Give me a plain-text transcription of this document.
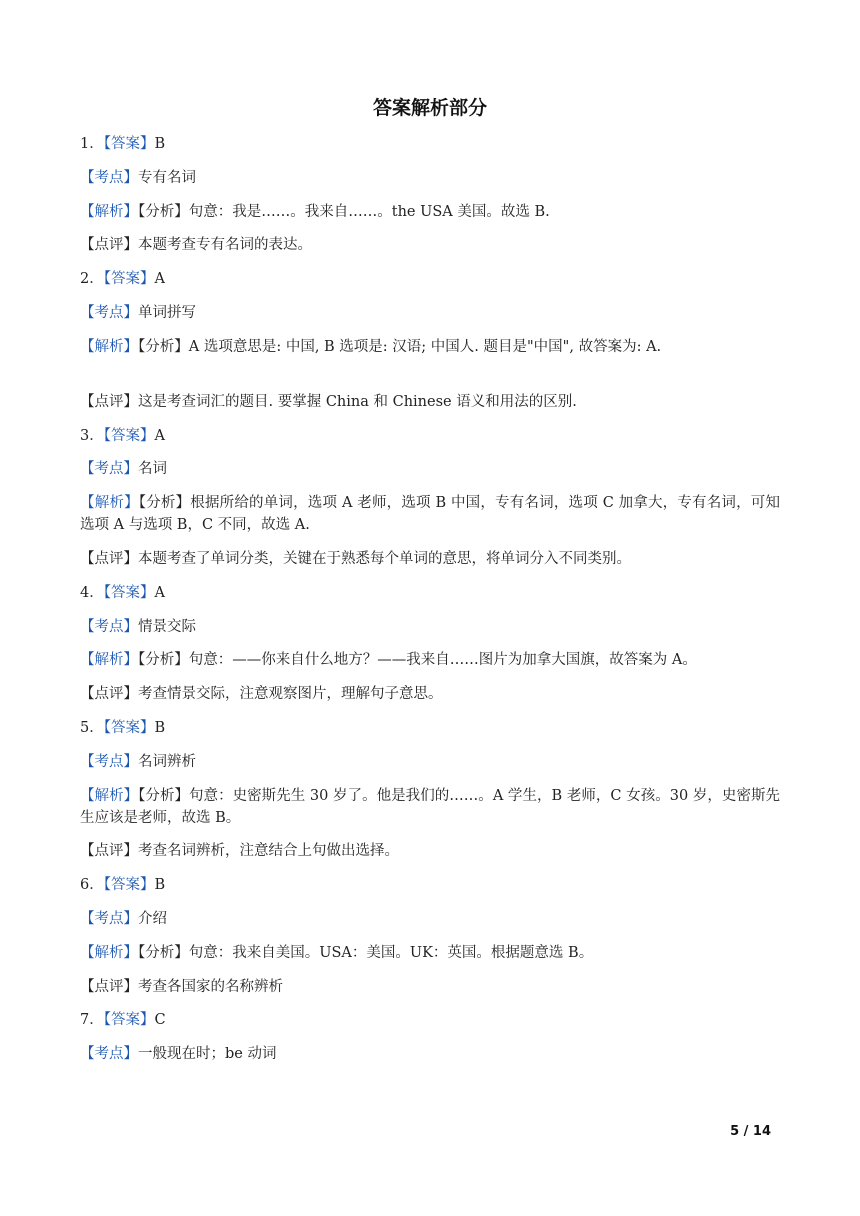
答案解析部分
1．【答案】B
【考点】专有名词
【解析】【分析】句意：我是……。我来自……。the USA 美国。故选 B.
【点评】本题考查专有名词的表达。
2．【答案】A
【考点】单词拼写
【解析】【分析】A 选项意思是: 中国, B 选项是: 汉语; 中国人. 题目是"中国", 故答案为: A.
【点评】这是考查词汇的题目. 要掌握 China 和 Chinese 语义和用法的区别.
3．【答案】A
【考点】名词
【解析】【分析】根据所给的单词，选项 A 老师，选项 B 中国，专有名词，选项 C 加拿大，专有名词，可知选项 A 与选项 B，C 不同，故选 A.
【点评】本题考查了单词分类，关键在于熟悉每个单词的意思，将单词分入不同类别。
4．【答案】A
【考点】情景交际
【解析】【分析】句意：——你来自什么地方？——我来自……图片为加拿大国旗，故答案为 A。
【点评】考查情景交际，注意观察图片，理解句子意思。
5．【答案】B
【考点】名词辨析
【解析】【分析】句意：史密斯先生 30 岁了。他是我们的……。A 学生，B 老师，C 女孩。30 岁，史密斯先生应该是老师，故选 B。
【点评】考查名词辨析，注意结合上句做出选择。
6．【答案】B
【考点】介绍
【解析】【分析】句意：我来自美国。USA：美国。UK：英国。根据题意选 B。
【点评】考查各国家的名称辨析
7．【答案】C
【考点】一般现在时；be 动词
5 / 14
